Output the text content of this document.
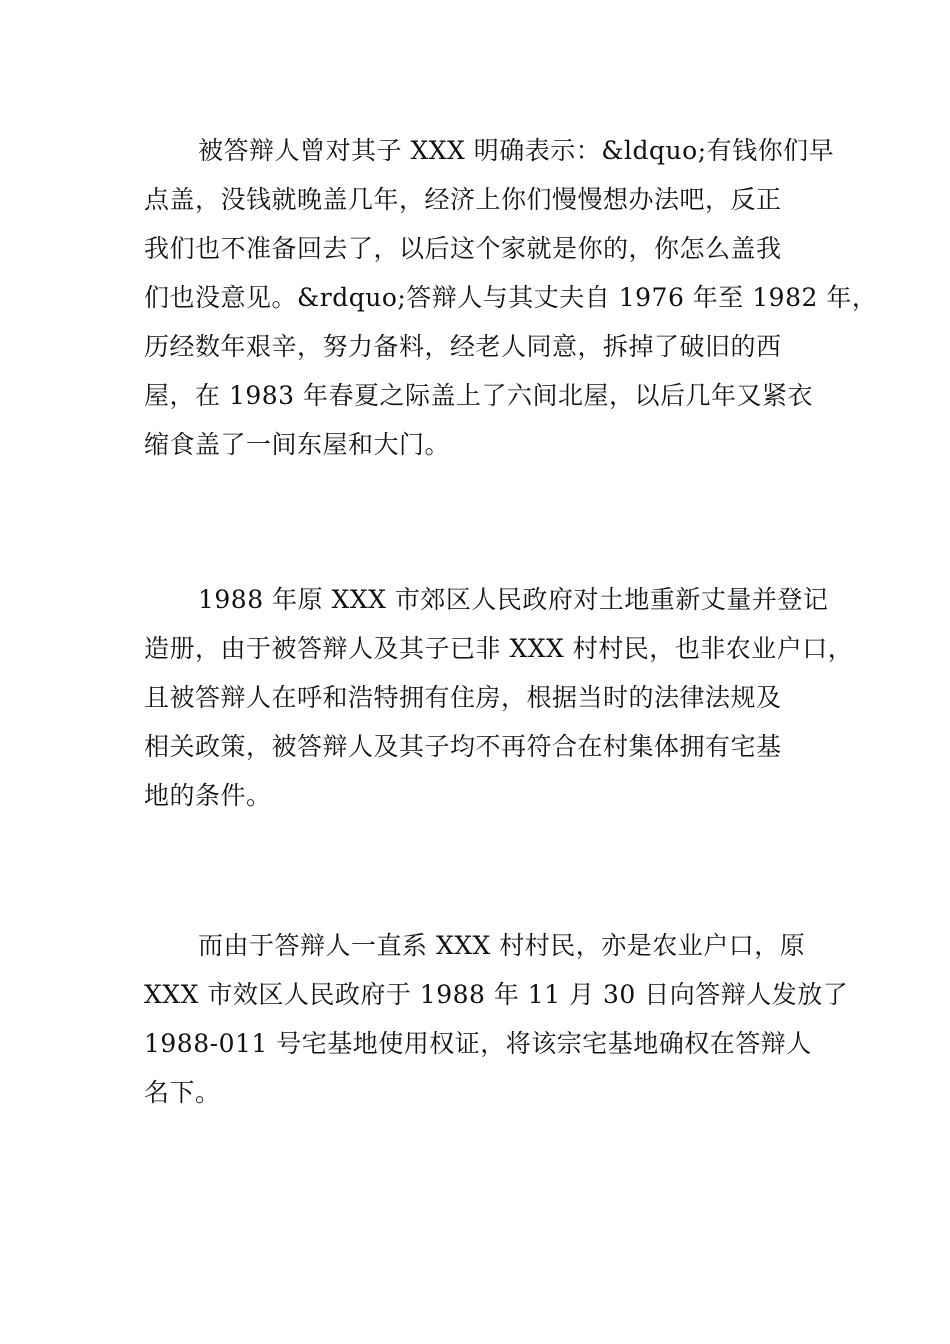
被答辩人曾对其子 XXX 明确表示：&ldquo;有钱你们早
点盖，没钱就晚盖几年，经济上你们慢慢想办法吧，反正
我们也不准备回去了，以后这个家就是你的，你怎么盖我
们也没意见。&rdquo;答辩人与其丈夫自 1976 年至 1982 年，
历经数年艰辛，努力备料，经老人同意，拆掉了破旧的西
屋，在 1983 年春夏之际盖上了六间北屋，以后几年又紧衣
缩食盖了一间东屋和大门。
1988 年原 XXX 市郊区人民政府对土地重新丈量并登记
造册，由于被答辩人及其子已非 XXX 村村民，也非农业户口，
且被答辩人在呼和浩特拥有住房，根据当时的法律法规及
相关政策，被答辩人及其子均不再符合在村集体拥有宅基
地的条件。
而由于答辩人一直系 XXX 村村民，亦是农业户口，原
XXX 市效区人民政府于 1988 年 11 月 30 日向答辩人发放了
1988-011 号宅基地使用权证，将该宗宅基地确权在答辩人
名下。
